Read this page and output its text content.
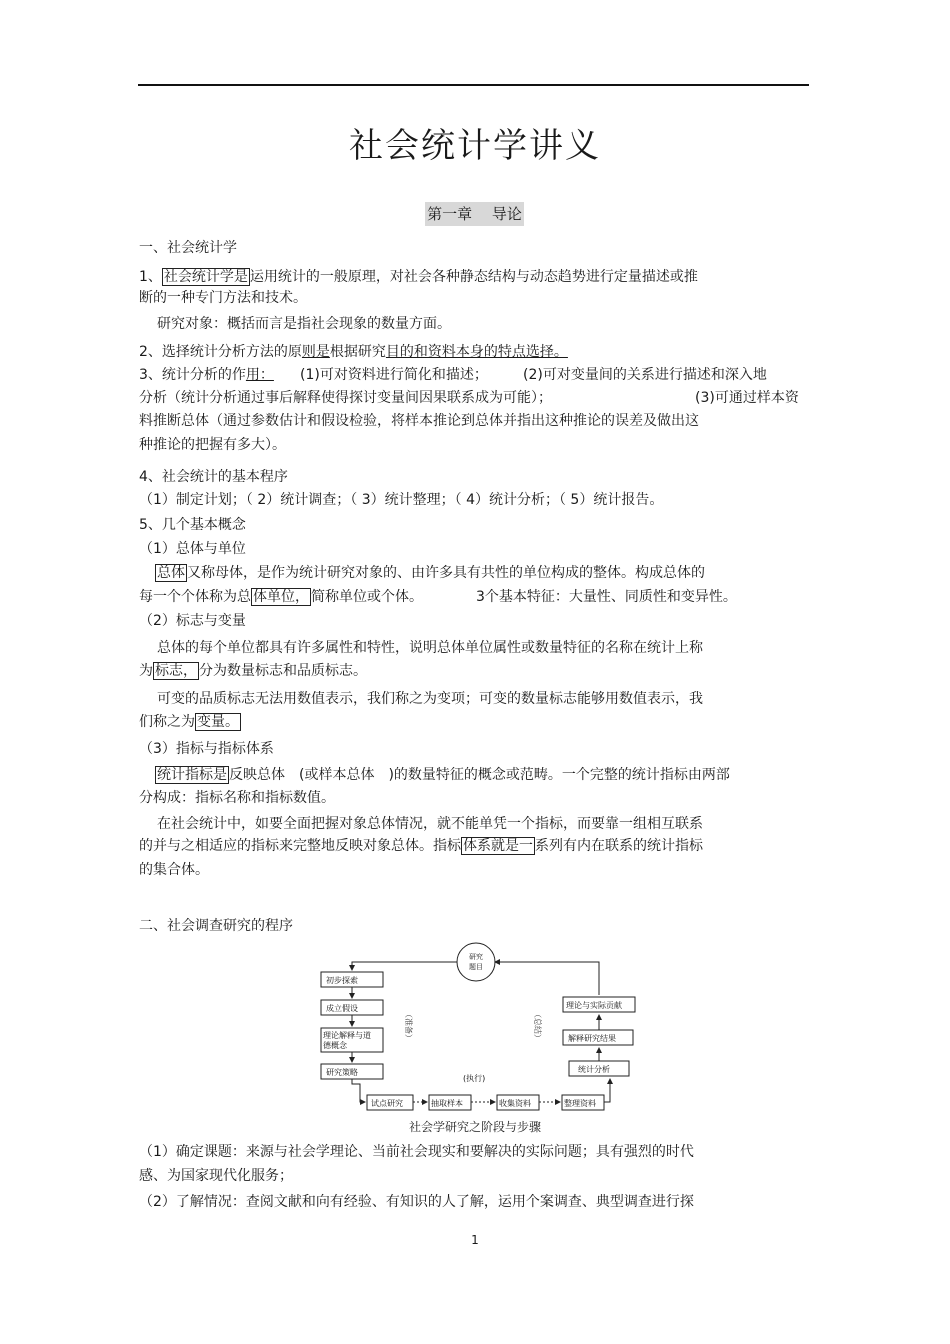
社会统计学讲义
第一章　 导论
一、社会统计学
1、 社会统计学是 运用统计的一般原理，对社会各种静态结构与动态趋势进行定量描述或推
断的一种专门方法和技术。
研究对象：概括而言是指社会现象的数量方面。
2、选择统计分析方法的原则是根据研究目的和资料本身的特点选择。
3、统计分析的作用： (1)可对资料进行简化和描述；	(2)可对变量间的关系进行描述和深入地
分析（统计分析通过事后解释使得探讨变量间因果联系成为可能）；	(3)可通过样本资
料推断总体（通过参数估计和假设检验，将样本推论到总体并指出这种推论的误差及做出这
种推论的把握有多大）。
4、社会统计的基本程序
（1）制定计划；（ 2）统计调查；（ 3）统计整理；（ 4）统计分析；（ 5）统计报告。
5、几个基本概念
（1）总体与单位
总体 又称母体，是作为统计研究对象的、由许多具有共性的单位构成的整体。构成总体的
每一个个体称为总 体单位， 简称单位或个体。	3个基本特征：大量性、同质性和变异性。
（2）标志与变量
总体的每个单位都具有许多属性和特性，说明总体单位属性或数量特征的名称在统计上称
为 标志， 分为数量标志和品质标志。
可变的品质标志无法用数值表示，我们称之为变项；可变的数量标志能够用数值表示，我
们称之为 变量。
（3）指标与指标体系
统计指标是 反映总体　(或样本总体　)的数量特征的概念或范畴。一个完整的统计指标由两部
分构成：指标名称和指标数值。
在社会统计中，如要全面把握对象总体情况，就不能单凭一个指标，而要靠一组相互联系
的并与之相适应的指标来完整地反映对象总体。指标 体系就是一 系列有内在联系的统计指标
的集合体。
二、社会调查研究的程序
研究
题目
初步探索
成立假设
理论解释与道
德概念
研究策略
（准备）	（总结）
(执行)
理论与实际贡献
解释研究结果
统计分析
试点研究	抽取样本	收集资料	整理资料
社会学研究之阶段与步骤
（1）确定课题：来源与社会学理论、当前社会现实和要解决的实际问题；具有强烈的时代
感、为国家现代化服务；
（2）了解情况：查阅文献和向有经验、有知识的人了解，运用个案调查、典型调查进行探
1
